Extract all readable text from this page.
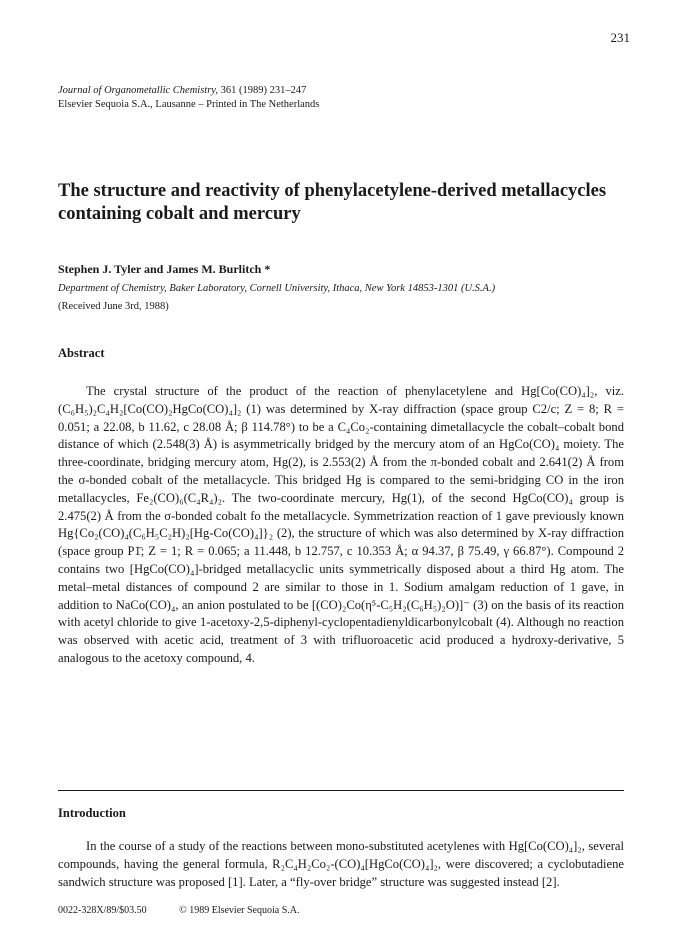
231
Journal of Organometallic Chemistry, 361 (1989) 231–247
Elsevier Sequoia S.A., Lausanne – Printed in The Netherlands
The structure and reactivity of phenylacetylene-derived metallacycles containing cobalt and mercury
Stephen J. Tyler and James M. Burlitch *
Department of Chemistry, Baker Laboratory, Cornell University, Ithaca, New York 14853-1301 (U.S.A.)
(Received June 3rd, 1988)
Abstract

The crystal structure of the product of the reaction of phenylacetylene and Hg[Co(CO)₄]₂, viz. (C₆H₅)₂C₄H₂[Co(CO)₂HgCo(CO)₄]₂ (1) was determined by X-ray diffraction (space group C2/c; Z = 8; R = 0.051; a 22.08, b 11.62, c 28.08 Å; β 114.78°) to be a C₄Co₂-containing dimetallacycle the cobalt–cobalt bond distance of which (2.548(3) Å) is asymmetrically bridged by the mercury atom of an HgCo(CO)₄ moiety. The three-coordinate, bridging mercury atom, Hg(2), is 2.553(2) Å from the π-bonded cobalt and 2.641(2) Å from the σ-bonded cobalt of the metallacycle. This bridged Hg is compared to the semi-bridging CO in the iron metallacycles, Fe₂(CO)₆(C₄R₄)₂. The two-coordinate mercury, Hg(1), of the second HgCo(CO)₄ group is 2.475(2) Å from the σ-bonded cobalt fo the metallacycle. Symmetrization reaction of 1 gave previously known Hg{Co₂(CO)₄(C₆H₅C₂H)₂[Hg-Co(CO)₄]}₂ (2), the structure of which was also determined by X-ray diffraction (space group P1̄; Z = 1; R = 0.065; a 11.448, b 12.757, c 10.353 Å; α 94.37, β 75.49, γ 66.87°). Compound 2 contains two [HgCo(CO)₄]-bridged metallacyclic units symmetrically disposed about a third Hg atom. The metal–metal distances of compound 2 are similar to those in 1. Sodium amalgam reduction of 1 gave, in addition to NaCo(CO)₄, an anion postulated to be [(CO)₂Co(η⁵-C₅H₂(C₆H₅)₂O)]⁻ (3) on the basis of its reaction with acetyl chloride to give 1-acetoxy-2,5-diphenyl-cyclopentadienyldicarbonylcobalt (4). Although no reaction was observed with acetic acid, treatment of 3 with trifluoroacetic acid produced a hydroxy-derivative, 5 analogous to the acetoxy compound, 4.

Introduction

In the course of a study of the reactions between mono-substituted acetylenes with Hg[Co(CO)₄]₂, several compounds, having the general formula, R₂C₄H₂Co₂-(CO)₄[HgCo(CO)₄]₂, were discovered; a cyclobutadiene sandwich structure was proposed [1]. Later, a “fly-over bridge” structure was suggested instead [2].

0022-328X/89/$03.50	© 1989 Elsevier Sequoia S.A.
